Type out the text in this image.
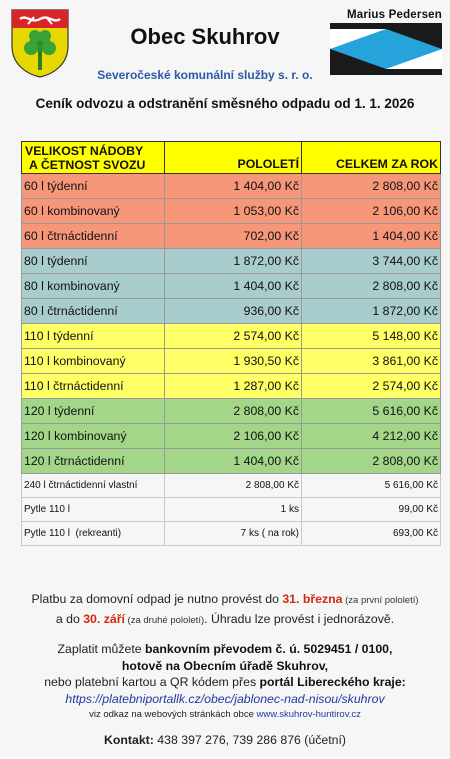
Obec Skuhrov
Severočeské komunální služby s. r. o.
Marius Pedersen
Ceník odvozu a odstranění směsného odpadu od 1. 1. 2026
VELIKOST NÁDOBY
A ČETNOST SVOZU	POLOLETÍ	CELKEM ZA ROK
60 l týdenní	1 404,00 Kč	2 808,00 Kč
60 l kombinovaný	1 053,00 Kč	2 106,00 Kč
60 l čtrnáctidenní	702,00 Kč	1 404,00 Kč
80 l týdenní	1 872,00 Kč	3 744,00 Kč
80 l kombinovaný	1 404,00 Kč	2 808,00 Kč
80 l čtrnáctidenní	936,00 Kč	1 872,00 Kč
110 l týdenní	2 574,00 Kč	5 148,00 Kč
110 l kombinovaný	1 930,50 Kč	3 861,00 Kč
110 l čtrnáctidenní	1 287,00 Kč	2 574,00 Kč
120 l týdenní	2 808,00 Kč	5 616,00 Kč
120 l kombinovaný	2 106,00 Kč	4 212,00 Kč
120 l čtrnáctidenní	1 404,00 Kč	2 808,00 Kč
240 l čtrnáctidenní vlastní	2 808,00 Kč	5 616,00 Kč
Pytle 110 l	1 ks	99,00 Kč
Pytle 110 l  (rekreanti)	7 ks ( na rok)	693,00 Kč
Platbu za domovní odpad je nutno provést do 31. března (za první pololetí)
a do 30. září (za druhé pololetí). Úhradu lze provést i jednorázově.
Zaplatit můžete bankovním převodem č. ú. 5029451 / 0100,
hotově na Obecním úřadě Skuhrov,
nebo platební kartou a QR kódem přes portál Libereckého kraje:
https://platebniportallk.cz/obec/jablonec-nad-nisou/skuhrov
viz odkaz na webových stránkách obce www.skuhrov-huntirov.cz
Kontakt: 438 397 276, 739 286 876 (účetní)
